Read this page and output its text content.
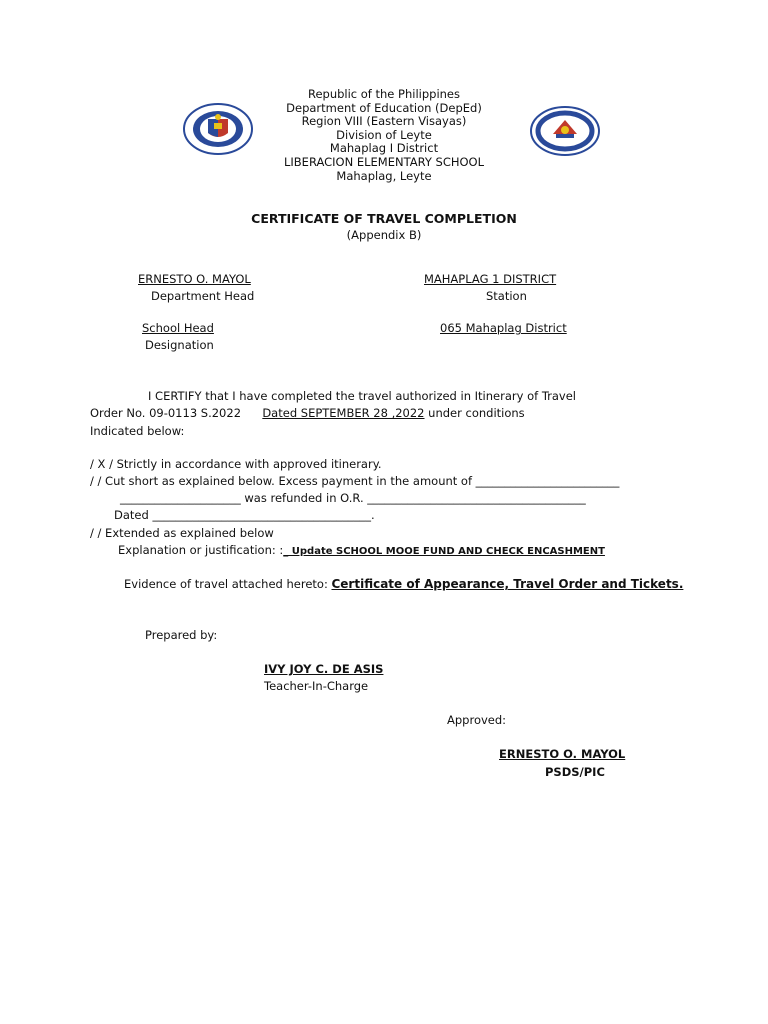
Republic of the Philippines
Department of Education (DepEd)
Region VIII (Eastern Visayas)
Division of Leyte
Mahaplag I District
LIBERACION ELEMENTARY SCHOOL
Mahaplag, Leyte
CERTIFICATE OF TRAVEL COMPLETION
(Appendix B)
ERNESTO O. MAYOL
Department Head
MAHAPLAG 1 DISTRICT
Station
School Head
Designation
065 Mahaplag District
I CERTIFY that I have completed the travel authorized in Itinerary of Travel
Order No. 09-0113 S.2022 Dated SEPTEMBER 28 ,2022 under conditions
Indicated below:
/ X / Strictly in accordance with approved itinerary.
/ / Cut short as explained below. Excess payment in the amount of _________________________
_____________________ was refunded in O.R. ______________________________________
Dated ______________________________________.
/ / Extended as explained below
Explanation or justification: :_ Update SCHOOL MOOE FUND AND CHECK ENCASHMENT
Evidence of travel attached hereto: Certificate of Appearance, Travel Order and Tickets.
Prepared by:
IVY JOY C. DE ASIS
Teacher-In-Charge
Approved:
ERNESTO O. MAYOL
PSDS/PIC
